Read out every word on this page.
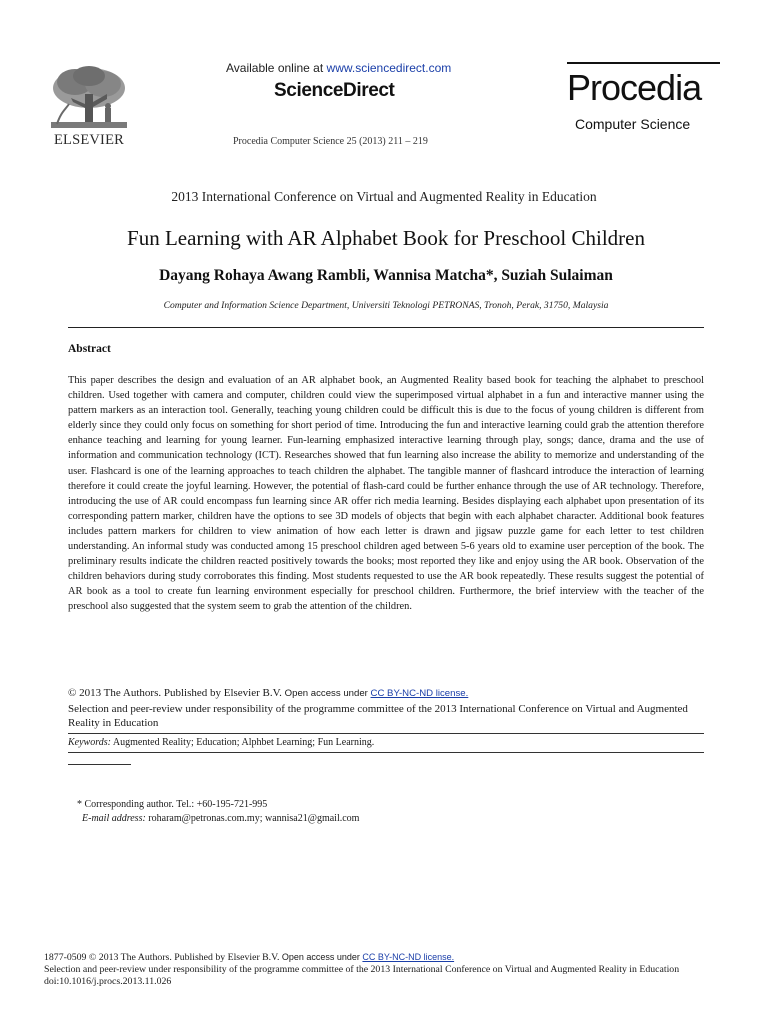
ELSEVIER
Available online at www.sciencedirect.com
ScienceDirect
Procedia Computer Science 25 (2013) 211 – 219
Procedia
Computer Science
2013 International Conference on Virtual and Augmented Reality in Education
Fun Learning with AR Alphabet Book for Preschool Children
Dayang Rohaya Awang Rambli, Wannisa Matcha*, Suziah Sulaiman
Computer and Information Science Department, Universiti Teknologi PETRONAS, Tronoh, Perak, 31750, Malaysia
Abstract
This paper describes the design and evaluation of an AR alphabet book, an Augmented Reality based book for teaching the alphabet to preschool children. Used together with camera and computer, children could view the superimposed virtual alphabet in a fun and interactive manner using the pattern markers as an interaction tool. Generally, teaching young children could be difficult this is due to the focus of young children is different from elderly since they could only focus on something for short period of time. Introducing the fun and interactive learning could grab the attention therefore enhance teaching and learning for young learner. Fun-learning emphasized interactive learning through play, songs; dance, drama and the use of information and communication technology (ICT). Researches showed that fun learning also increase the ability to memorize and understanding of the user. Flashcard is one of the learning approaches to teach children the alphabet. The tangible manner of flashcard introduce the interaction of learning therefore it could create the joyful learning. However, the potential of flash-card could be further enhance through the use of AR technology. Therefore, introducing the use of AR could encompass fun learning since AR offer rich media learning. Besides displaying each alphabet upon presentation of its corresponding pattern marker, children have the options to see 3D models of objects that begin with each alphabet character. Additional book features includes pattern markers for children to view animation of how each letter is drawn and jigsaw puzzle game for each letter to test children understanding. An informal study was conducted among 15 preschool children aged between 5-6 years old to examine user perception of the book. The preliminary results indicate the children reacted positively towards the books; most reported they like and enjoy using the AR book. Observation of the children behaviors during study corroborates this finding. Most students requested to use the AR book repeatedly. These results suggest the potential of AR book as a tool to create fun learning environment especially for preschool children. Furthermore, the brief interview with the teacher of the preschool also suggested that the system seem to grab the attention of the children.
© 2013 The Authors. Published by Elsevier B.V. Open access under CC BY-NC-ND license.
Selection and peer-review under responsibility of the programme committee of the 2013 International Conference on Virtual and Augmented Reality in Education
Keywords: Augmented Reality; Education; Alphbet Learning; Fun Learning.
* Corresponding author. Tel.: +60-195-721-995
E-mail address: roharam@petronas.com.my; wannisa21@gmail.com
1877-0509 © 2013 The Authors. Published by Elsevier B.V. Open access under CC BY-NC-ND license.
Selection and peer-review under responsibility of the programme committee of the 2013 International Conference on Virtual and Augmented Reality in Education
doi:10.1016/j.procs.2013.11.026
